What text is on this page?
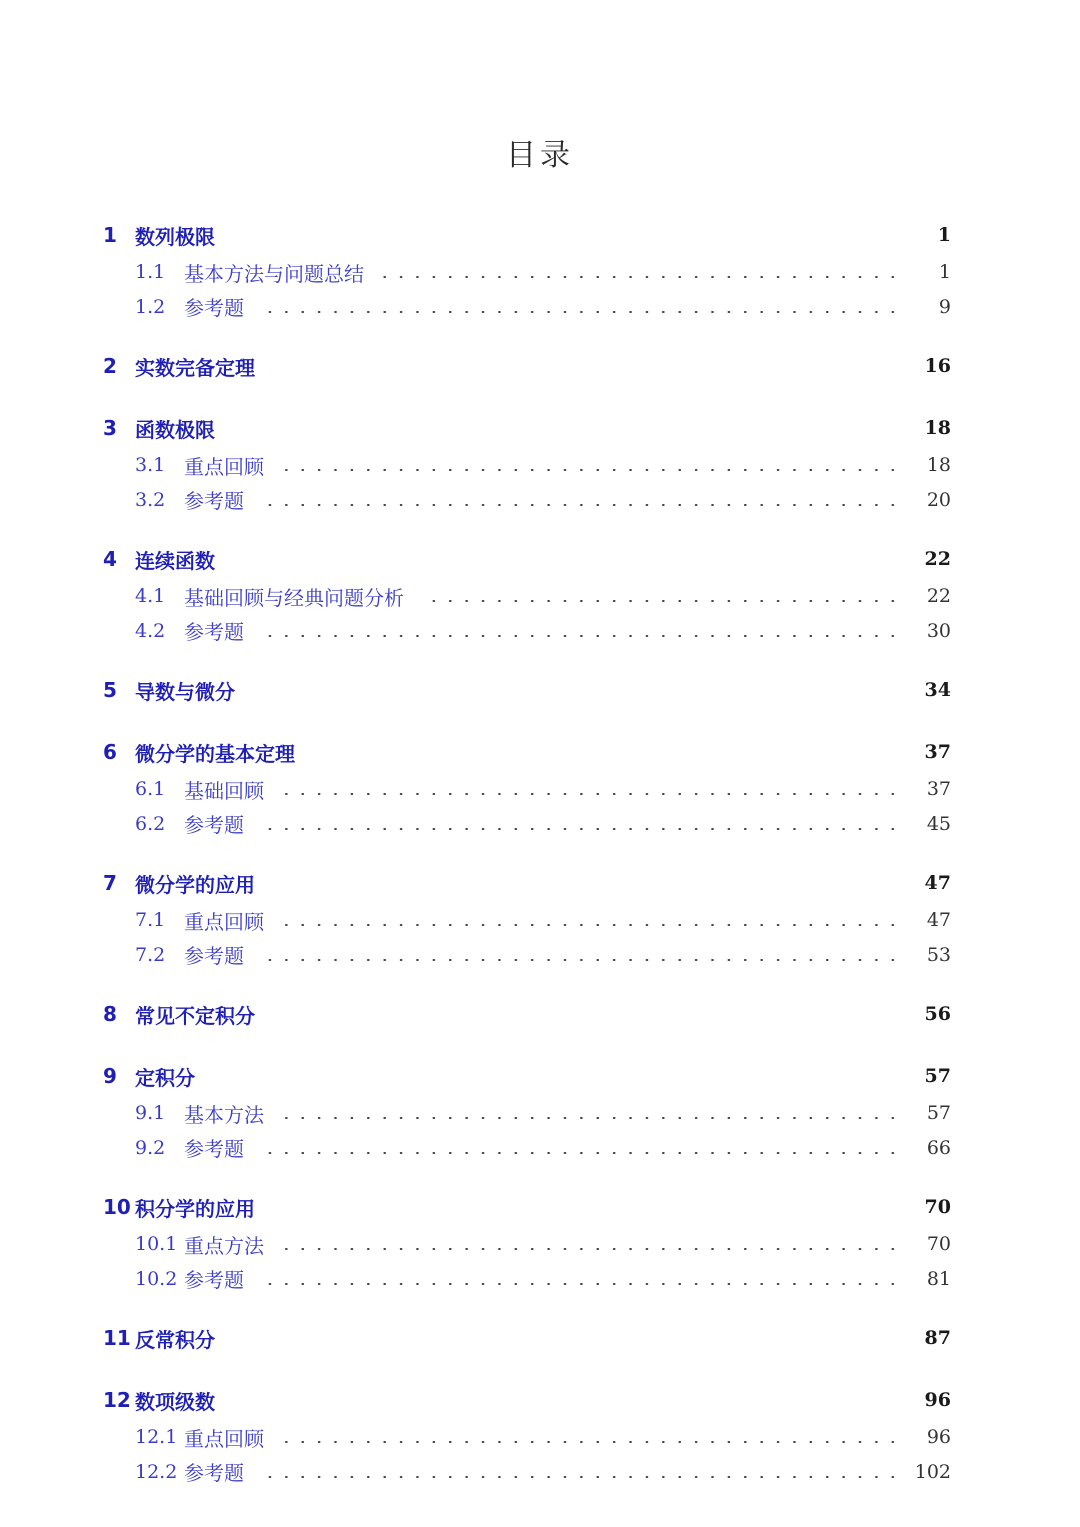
目录
1 数列极限	1
1.1 基本方法与问题总结	1
1.2 参考题	9
2 实数完备定理	16
3 函数极限	18
3.1 重点回顾	18
3.2 参考题	20
4 连续函数	22
4.1 基础回顾与经典问题分析	22
4.2 参考题	30
5 导数与微分	34
6 微分学的基本定理	37
6.1 基础回顾	37
6.2 参考题	45
7 微分学的应用	47
7.1 重点回顾	47
7.2 参考题	53
8 常见不定积分	56
9 定积分	57
9.1 基本方法	57
9.2 参考题	66
10 积分学的应用	70
10.1 重点方法	70
10.2 参考题	81
11 反常积分	87
12 数项级数	96
12.1 重点回顾	96
12.2 参考题	102
